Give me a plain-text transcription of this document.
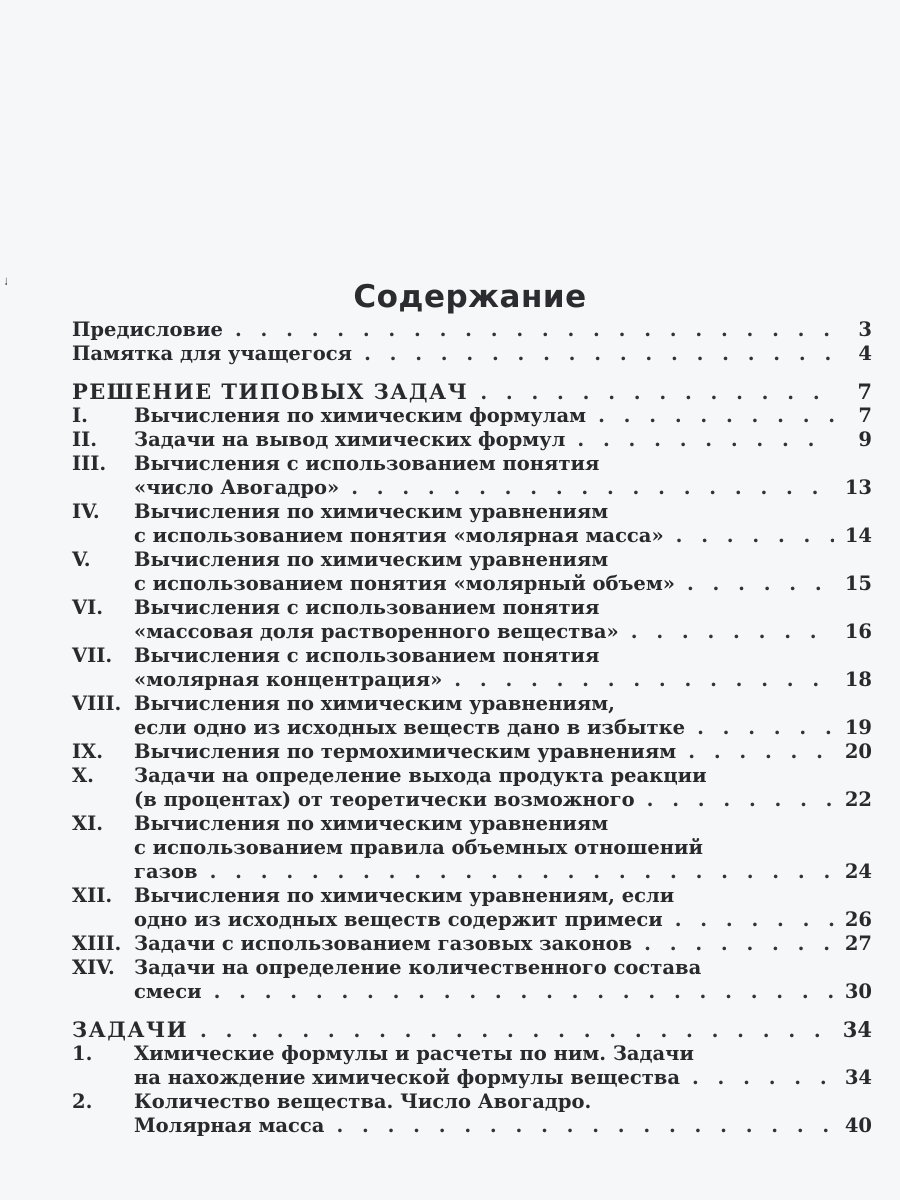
ᛍ	Содержание
Предисловие . . .	3
Памятка для учащегося . . .	4
РЕШЕНИЕ ТИПОВЫХ ЗАДАЧ . . .	7
I. Вычисления по химическим формулам . . .	7
II. Задачи на вывод химических формул . . .	9
III. Вычисления с использованием понятия
«число Авогадро» . . .	13
IV. Вычисления по химическим уравнениям
с использованием понятия «молярная масса» . . .	14
V. Вычисления по химическим уравнениям
с использованием понятия «молярный объем» . . .	15
VI. Вычисления с использованием понятия
«массовая доля растворенного вещества» . . .	16
VII. Вычисления с использованием понятия
«молярная концентрация» . . .	18
VIII. Вычисления по химическим уравнениям,
если одно из исходных веществ дано в избытке . . .	19
IX. Вычисления по термохимическим уравнениям . . .	20
X. Задачи на определение выхода продукта реакции
(в процентах) от теоретически возможного . . .	22
XI. Вычисления по химическим уравнениям
с использованием правила объемных отношений
газов . . .	24
XII. Вычисления по химическим уравнениям, если
одно из исходных веществ содержит примеси . . .	26
XIII. Задачи с использованием газовых законов . . .	27
XIV. Задачи на определение количественного состава
смеси . . .	30
ЗАДАЧИ . . .	34
1. Химические формулы и расчеты по ним. Задачи
на нахождение химической формулы вещества . . .	34
2. Количество вещества. Число Авогадро.
Молярная масса . . .	40
